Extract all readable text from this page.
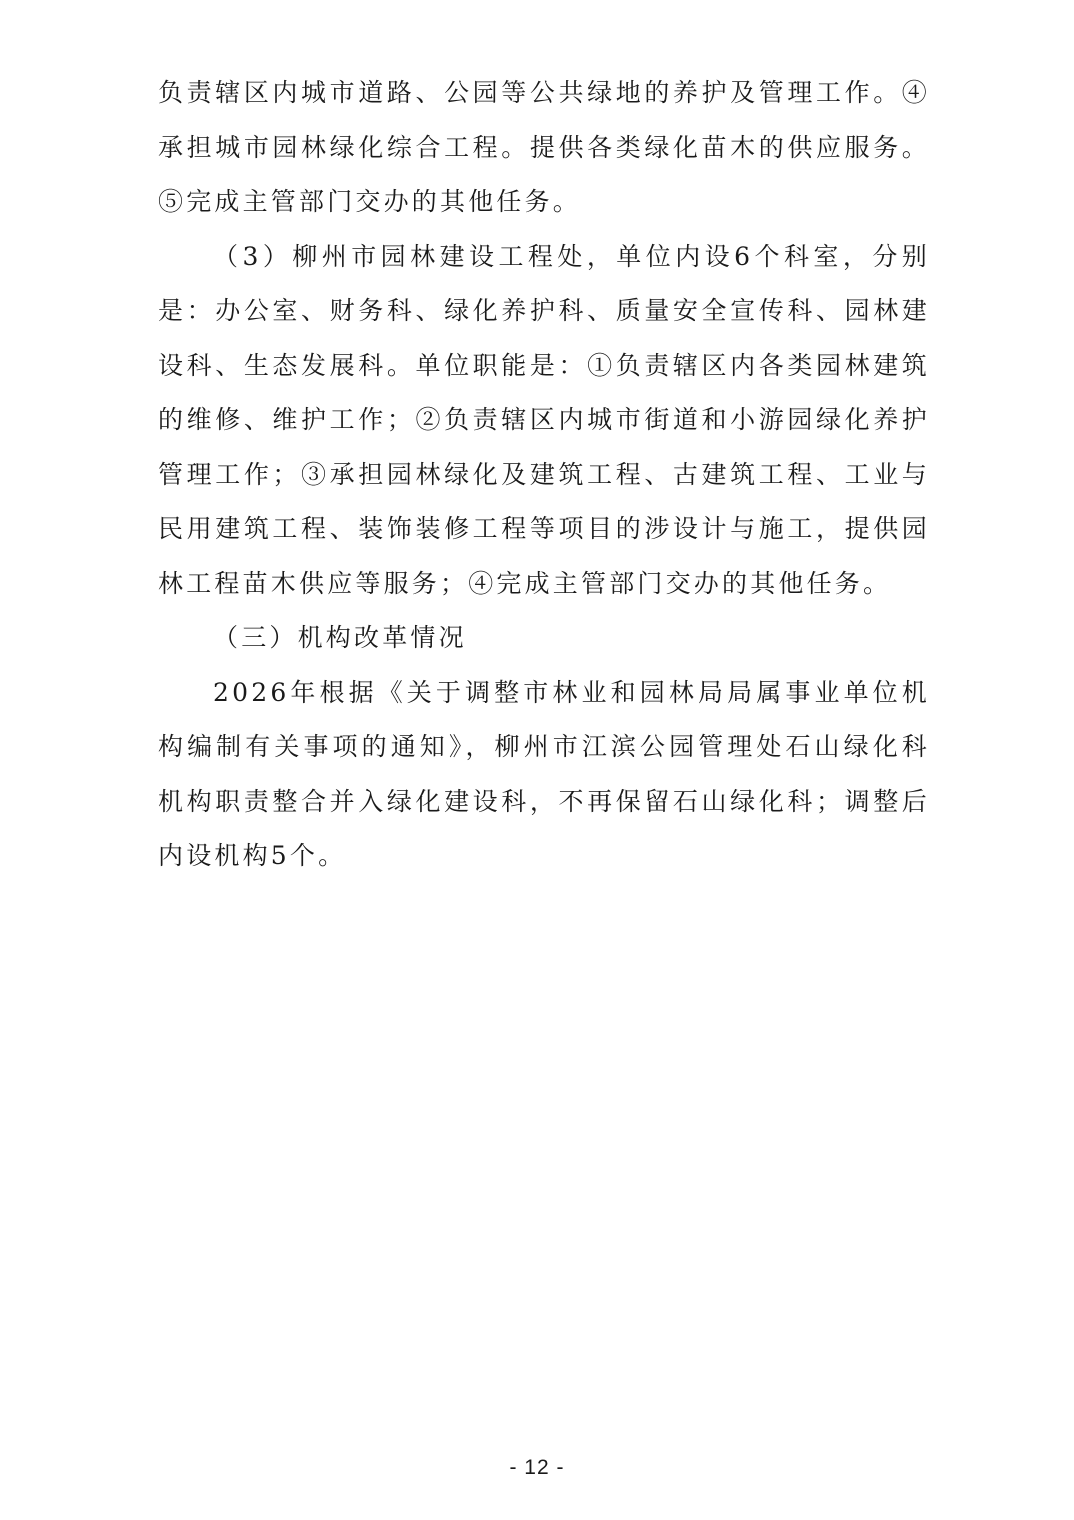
负责辖区内城市道路、公园等公共绿地的养护及管理工作。④承担城市园林绿化综合工程。提供各类绿化苗木的供应服务。⑤完成主管部门交办的其他任务。

（3）柳州市园林建设工程处，单位内设6个科室，分别是：办公室、财务科、绿化养护科、质量安全宣传科、园林建设科、生态发展科。单位职能是：①负责辖区内各类园林建筑的维修、维护工作；②负责辖区内城市街道和小游园绿化养护管理工作；③承担园林绿化及建筑工程、古建筑工程、工业与民用建筑工程、装饰装修工程等项目的涉设计与施工，提供园林工程苗木供应等服务；④完成主管部门交办的其他任务。

（三）机构改革情况

2026年根据《关于调整市林业和园林局局属事业单位机构编制有关事项的通知》，柳州市江滨公园管理处石山绿化科机构职责整合并入绿化建设科，不再保留石山绿化科；调整后内设机构5个。

- 12 -
